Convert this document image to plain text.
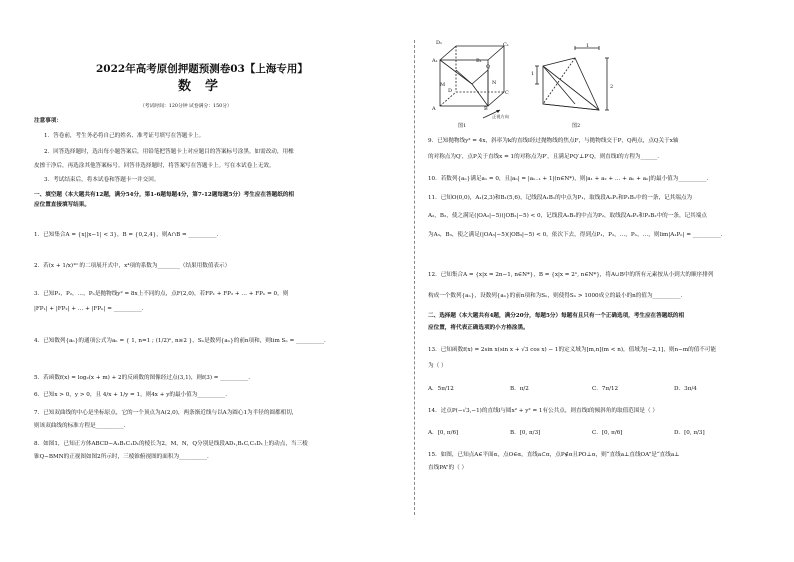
2022年高考原创押题预测卷03【上海专用】
数学
（考试时间：120分钟 试卷满分：150分）
注意事项：
1．答卷前，考生务必将自己的姓名、准考证号填写在答题卡上。
2．回答选择题时，选出每小题答案后，用铅笔把答题卡上对应题目的答案标号涂黑。如需改动，用橡
皮擦干净后，再选涂其他答案标号。回答非选择题时，将答案写在答题卡上。写在本试卷上无效。
3．考试结束后，将本试卷和答题卡一并交回。
一、填空题（本大题共有12题，满分54分，第1-6题每题4分，第7-12题每题5分）考生应在答题纸的相
应位置直接填写结果。
1．已知集合A = {x||x−1| < 3}，B = {0,2,4}，则A∩B = __________.
2．若(x + 1/x)¹⁰ 的二项展开式中，x⁴项的系数为________（结果用数值表示）
3．已知P₁，P₂，…，Pₙ是抛物线y² = 8x上不同的点，点F(2,0)，若FP₁ + FP₂ + … + FPₙ = 0，则
|FP₁| + |FP₂| + … + |FPₙ| = __________.
4．已知数列{aₙ}的通项公式为aₙ = { 1, n=1 ; (1/2)ⁿ, n≥2 }，Sₙ是数列{aₙ}的前n项和，则lim Sₙ = __________.
5．若函数f(x) = log₂(x + m) + 2的反函数的图像经过点(3,1)，则f(3) = __________.
6．已知x > 0，y > 0，且 4/x + 1/y = 1，则4x + y的最小值为__________.
7．已知双曲线的中心是坐标原点，它的一个顶点为A(2,0)，两条渐近线与以A为圆心1为半径的圆都相切，
则该双曲线的标准方程是__________.
8．如图1，已知正方体ABCD−A₁B₁C₁D₁的棱长为2，M，N，Q分别是线段AD₁,B₁C,C₁D₁上的动点，当三棱
锥Q−BMN的正视图如图2所示时，三棱锥俯视图的面积为__________.
D₁	C₁
A₁	B₁
M
Q
N
D	C
A	B
正视方向
图1
1
1
2
图2
9．已知抛物线y² = 4x，斜率为k的直线l经过抛物线的焦点F，与抛物线交于P，Q两点，点Q关于x轴
的对称点为Q′，点P关于直线x = 1的对称点为P′，且满足PQ′⊥P′Q，则直线l的方程为______.
10．若数列{aₙ}满足a₁ = 0，且|aₙ| = |aₙ₋₁ + 1|(n∈N*)，则|a₁ + a₂ + … + aₙ + aₙ|的最小值为__________.
11．已知O(0,0)，A₁(2,3)和B₁(5,6)，记线段A₁B₁的中点为P₁，取线段A₁P₁和P₁B₁中的一条，记其端点为
A₂，B₂，使之满足(|OA₂|−5)(|OB₂|−5) < 0，记线段A₂B₂的中点为P₂，取线段A₂P₂和P₂B₂中的一条，记其端点
为A₃，B₃，使之满足(|OA₃|−5)(|OB₃|−5) < 0，依次下去，得到点P₁，P₂，…，Pₙ，…，则lim|A₁Pₙ| = __________.
12．已知集合A = {x|x = 2n−1, n∈N*}，B = {x|x = 2ⁿ, n∈N*}，将A∪B中的所有元素按从小到大的顺序排列
构成一个数列{aₙ}，设数列{aₙ}的前n项和为Sₙ，则使得Sₙ > 1000成立的最小的n的值为__________.
二、选择题（本大题共有4题，满分20分，每题5分）每题有且只有一个正确选项，考生应在答题纸的相
应位置，将代表正确选项的小方格涂黑。
13．已知函数f(x) = 2sin x(sin x + √3 cos x) − 1的定义域为[m,n](m < n)，值域为[−2,1]，则n−m的值不可能
为（ ）
A．5π/12	B．π/2	C．7π/12	D．3π/4
14．过点P(−√3,−1)的直线l与圆x² + y² = 1有公共点，则直线l的倾斜角的取值范围是（ ）
A．[0, π/6]	B．[0, π/3]	C．[0, π/6]	D．[0, π/3]
15．如图，已知点A∈平面α，点O∈α，直线a⊂α，点P∉α且PO⊥α，则“直线a⊥直线OA”是“直线a⊥
直线PA”的（ ）
